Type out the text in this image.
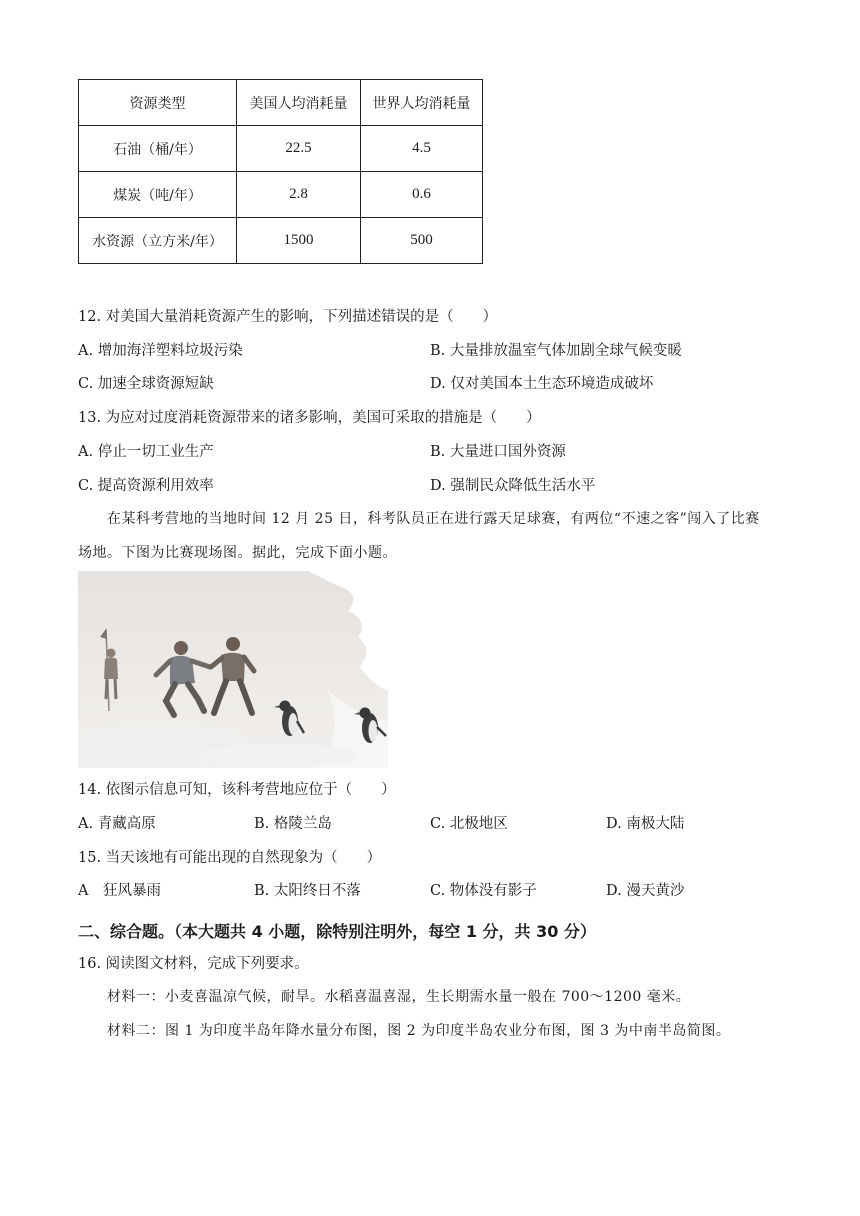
资源类型	美国人均消耗量	世界人均消耗量
石油（桶/年）	22.5	4.5
煤炭（吨/年）	2.8	0.6
水资源（立方米/年）	1500	500
12. 对美国大量消耗资源产生的影响，下列描述错误的是（　　）
A. 增加海洋塑料垃圾污染	B. 大量排放温室气体加剧全球气候变暖
C. 加速全球资源短缺	D. 仅对美国本土生态环境造成破坏
13. 为应对过度消耗资源带来的诸多影响，美国可采取的措施是（　　）
A. 停止一切工业生产	B. 大量进口国外资源
C. 提高资源利用效率	D. 强制民众降低生活水平
在某科考营地的当地时间 12 月 25 日，科考队员正在进行露天足球赛，有两位“不速之客”闯入了比赛
场地。下图为比赛现场图。据此，完成下面小题。
14. 依图示信息可知，该科考营地应位于（　　）
A. 青藏高原	B. 格陵兰岛	C. 北极地区	D. 南极大陆
15. 当天该地有可能出现的自然现象为（　　）
A　狂风暴雨	B. 太阳终日不落	C. 物体没有影子	D. 漫天黄沙
二、综合题。（本大题共 4 小题，除特别注明外，每空 1 分，共 30 分）
16. 阅读图文材料，完成下列要求。
材料一：小麦喜温凉气候，耐旱。水稻喜温喜湿，生长期需水量一般在 700～1200 毫米。
材料二：图 1 为印度半岛年降水量分布图，图 2 为印度半岛农业分布图，图 3 为中南半岛简图。
